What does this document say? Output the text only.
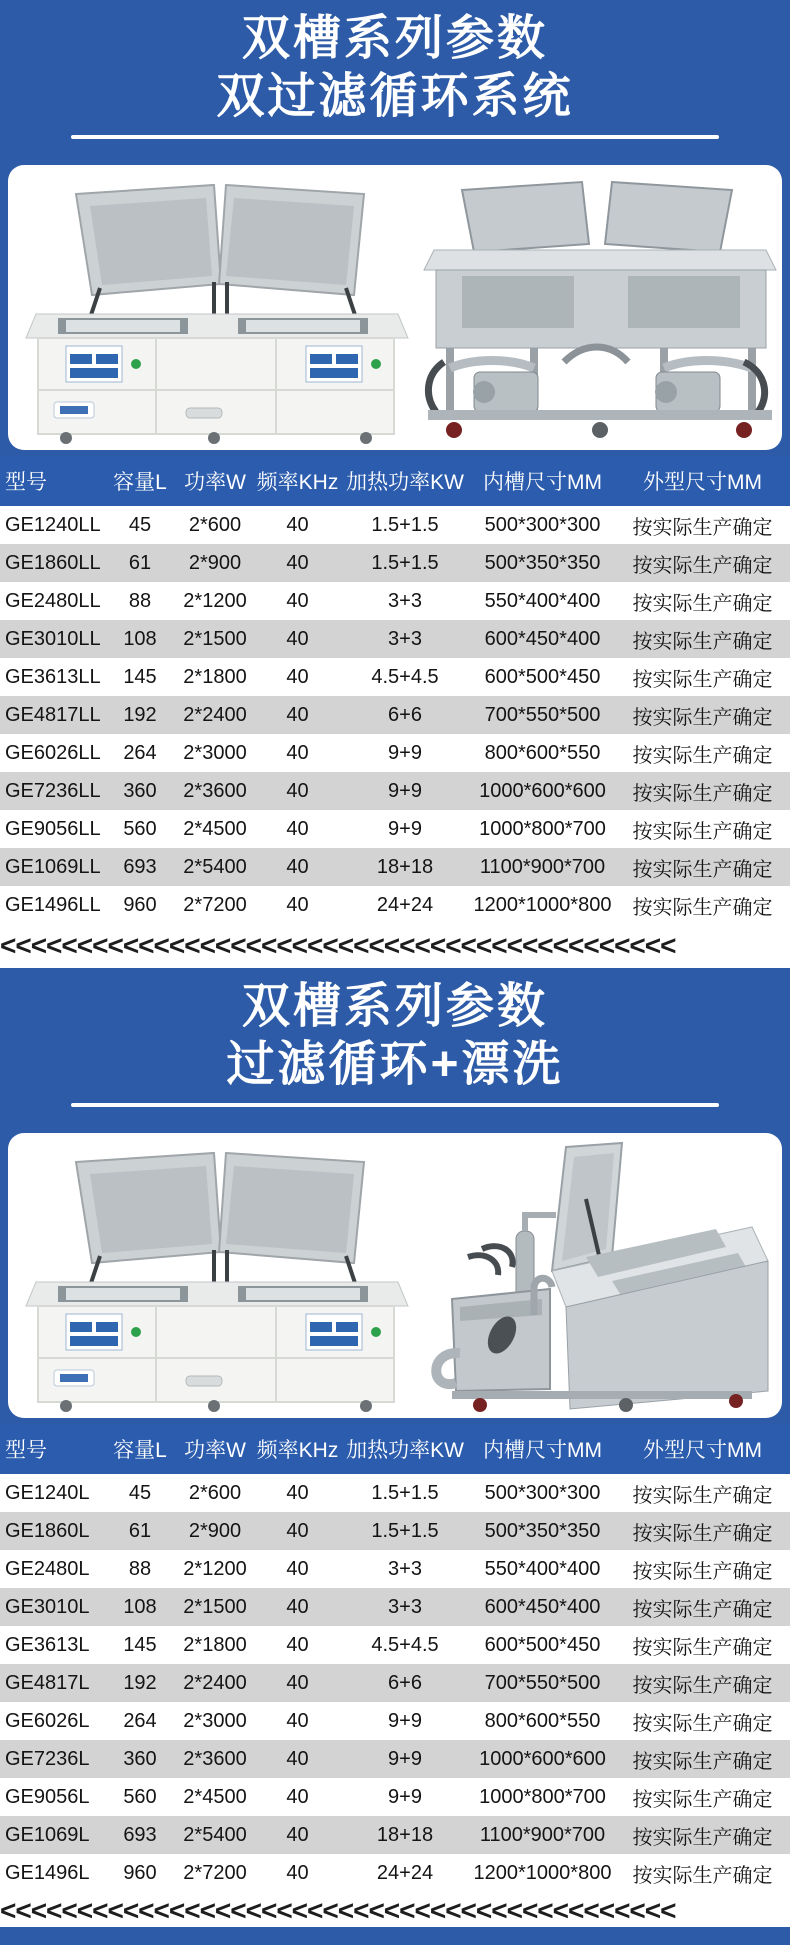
双槽系列参数
双过滤循环系统
型号	容量L	功率W	频率KHz	加热功率KW	内槽尺寸MM	外型尺寸MM
GE1240LL	45	2*600	40	1.5+1.5	500*300*300	按实际生产确定
GE1860LL	61	2*900	40	1.5+1.5	500*350*350	按实际生产确定
GE2480LL	88	2*1200	40	3+3	550*400*400	按实际生产确定
GE3010LL	108	2*1500	40	3+3	600*450*400	按实际生产确定
GE3613LL	145	2*1800	40	4.5+4.5	600*500*450	按实际生产确定
GE4817LL	192	2*2400	40	6+6	700*550*500	按实际生产确定
GE6026LL	264	2*3000	40	9+9	800*600*550	按实际生产确定
GE7236LL	360	2*3600	40	9+9	1000*600*600	按实际生产确定
GE9056LL	560	2*4500	40	9+9	1000*800*700	按实际生产确定
GE1069LL	693	2*5400	40	18+18	1100*900*700	按实际生产确定
GE1496LL	960	2*7200	40	24+24	1200*1000*800	按实际生产确定
<<<<<<<<<<<<<<<<<<<<<<<<<<<<<<<<<<<<<<<<<<<<
双槽系列参数
过滤循环+漂洗
型号	容量L	功率W	频率KHz	加热功率KW	内槽尺寸MM	外型尺寸MM
GE1240L	45	2*600	40	1.5+1.5	500*300*300	按实际生产确定
GE1860L	61	2*900	40	1.5+1.5	500*350*350	按实际生产确定
GE2480L	88	2*1200	40	3+3	550*400*400	按实际生产确定
GE3010L	108	2*1500	40	3+3	600*450*400	按实际生产确定
GE3613L	145	2*1800	40	4.5+4.5	600*500*450	按实际生产确定
GE4817L	192	2*2400	40	6+6	700*550*500	按实际生产确定
GE6026L	264	2*3000	40	9+9	800*600*550	按实际生产确定
GE7236L	360	2*3600	40	9+9	1000*600*600	按实际生产确定
GE9056L	560	2*4500	40	9+9	1000*800*700	按实际生产确定
GE1069L	693	2*5400	40	18+18	1100*900*700	按实际生产确定
GE1496L	960	2*7200	40	24+24	1200*1000*800	按实际生产确定
<<<<<<<<<<<<<<<<<<<<<<<<<<<<<<<<<<<<<<<<<<<<
